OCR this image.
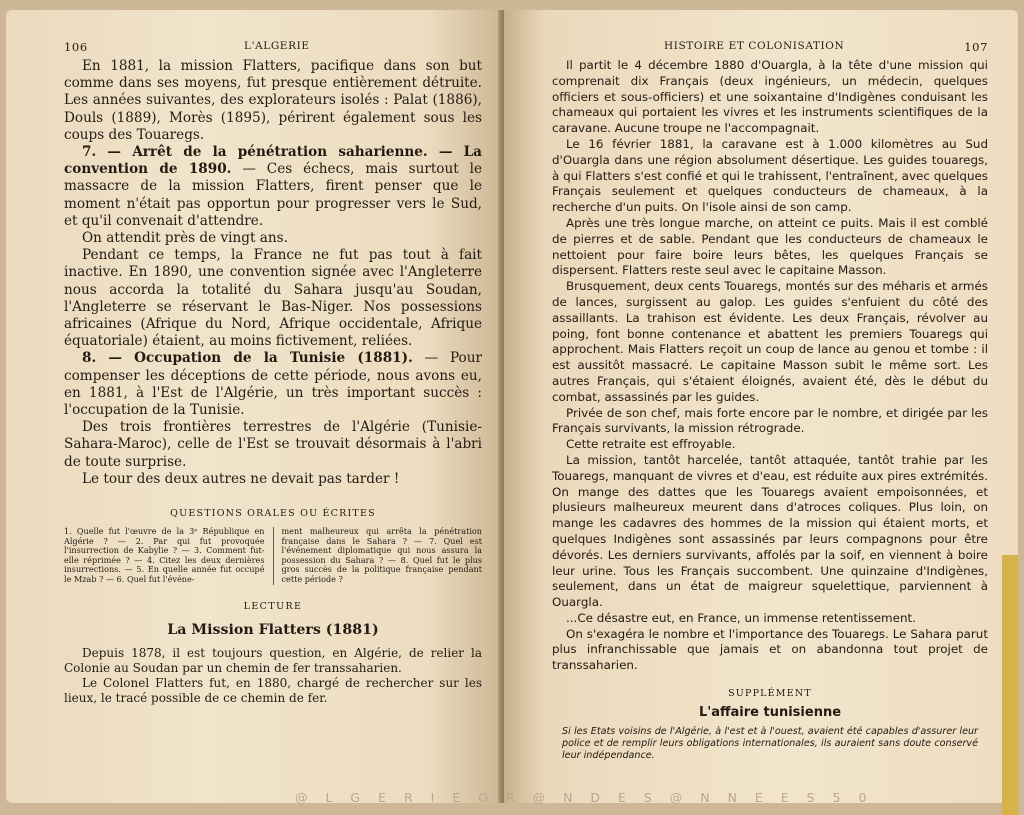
106	L'ALGERIE

En 1881, la mission Flatters, pacifique dans son but comme dans ses moyens, fut presque entièrement détruite. Les années suivantes, des explorateurs isolés : Palat (1886), Douls (1889), Morès (1895), périrent également sous les coups des Touaregs.

7. — Arrêt de la pénétration saharienne. — La convention de 1890. — Ces échecs, mais surtout le massacre de la mission Flatters, firent penser que le moment n'était pas opportun pour progresser vers le Sud, et qu'il convenait d'attendre.

On attendit près de vingt ans.

Pendant ce temps, la France ne fut pas tout à fait inactive. En 1890, une convention signée avec l'Angleterre nous accorda la totalité du Sahara jusqu'au Soudan, l'Angleterre se réservant le Bas-Niger. Nos possessions africaines (Afrique du Nord, Afrique occidentale, Afrique équatoriale) étaient, au moins fictivement, reliées.

8. — Occupation de la Tunisie (1881). — Pour compenser les déceptions de cette période, nous avons eu, en 1881, à l'Est de l'Algérie, un très important succès : l'occupation de la Tunisie.

Des trois frontières terrestres de l'Algérie (Tunisie-Sahara-Maroc), celle de l'Est se trouvait désormais à l'abri de toute surprise.

Le tour des deux autres ne devait pas tarder !

QUESTIONS ORALES OU ÉCRITES
1. Quelle fut l'œuvre de la 3ᵉ République en Algérie ? — 2. Par qui fut provoquée l'insurrection de Kabylie ? — 3. Comment fut-elle réprimée ? — 4. Citez les deux dernières insurrections. — 5. En quelle année fut occupé le Mzab ? — 6. Quel fut l'événe-
ment malheureux qui arrêta la pénétration française dans le Sahara ? — 7. Quel est l'événement diplomatique qui nous assura la possession du Sahara ? — 8. Quel fut le plus gros succès de la politique française pendant cette période ?
LECTURE
La Mission Flatters (1881)

Depuis 1878, il est toujours question, en Algérie, de relier la Colonie au Soudan par un chemin de fer transsaharien.

Le Colonel Flatters fut, en 1880, chargé de rechercher sur les lieux, le tracé possible de ce chemin de fer.

HISTOIRE ET COLONISATION	107

Il partit le 4 décembre 1880 d'Ouargla, à la tête d'une mission qui comprenait dix Français (deux ingénieurs, un médecin, quelques officiers et sous-officiers) et une soixantaine d'Indigènes conduisant les chameaux qui portaient les vivres et les instruments scientifiques de la caravane. Aucune troupe ne l'accompagnait.

Le 16 février 1881, la caravane est à 1.000 kilomètres au Sud d'Ouargla dans une région absolument désertique. Les guides touaregs, à qui Flatters s'est confié et qui le trahissent, l'entraînent, avec quelques Français seulement et quelques conducteurs de chameaux, à la recherche d'un puits. On l'isole ainsi de son camp.

Après une très longue marche, on atteint ce puits. Mais il est comblé de pierres et de sable. Pendant que les conducteurs de chameaux le nettoient pour faire boire leurs bêtes, les quelques Français se dispersent. Flatters reste seul avec le capitaine Masson.

Brusquement, deux cents Touaregs, montés sur des méharis et armés de lances, surgissent au galop. Les guides s'enfuient du côté des assaillants. La trahison est évidente. Les deux Français, révolver au poing, font bonne contenance et abattent les premiers Touaregs qui approchent. Mais Flatters reçoit un coup de lance au genou et tombe : il est aussitôt massacré. Le capitaine Masson subit le même sort. Les autres Français, qui s'étaient éloignés, avaient été, dès le début du combat, assassinés par les guides.

Privée de son chef, mais forte encore par le nombre, et dirigée par les Français survivants, la mission rétrograde.

Cette retraite est effroyable.

La mission, tantôt harcelée, tantôt attaquée, tantôt trahie par les Touaregs, manquant de vivres et d'eau, est réduite aux pires extrémités. On mange des dattes que les Touaregs avaient empoisonnées, et plusieurs malheureux meurent dans d'atroces coliques. Plus loin, on mange les cadavres des hommes de la mission qui étaient morts, et quelques Indigènes sont assassinés par leurs compagnons pour être dévorés. Les derniers survivants, affolés par la soif, en viennent à boire leur urine. Tous les Français succombent. Une quinzaine d'Indigènes, seulement, dans un état de maigreur squelettique, parviennent à Ouargla.

...Ce désastre eut, en France, un immense retentissement.

On s'exagéra le nombre et l'importance des Touaregs. Le Sahara parut plus infranchissable que jamais et on abandonna tout projet de transsaharien.

SUPPLÉMENT
L'affaire tunisienne
Si les Etats voisins de l'Algérie, à l'est et à l'ouest, avaient été capables d'assurer leur police et de remplir leurs obligations internationales, ils auraient sans doute conservé leur indépendance.
@ L G E R I E O R @ N D E S @ N N E E S 5 0
